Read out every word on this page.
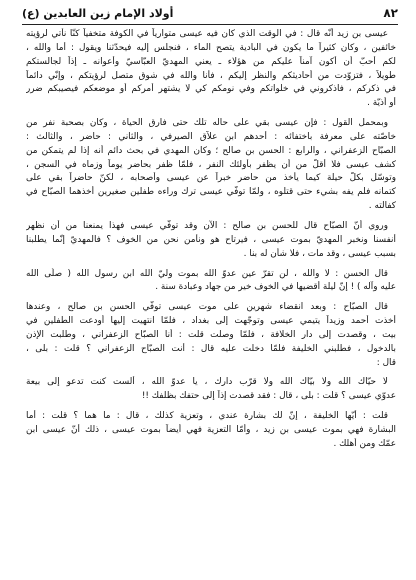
٨٢
أولاد الإمام زين العابدين (ع)
عيسى بن زيد أنّه قال : في الوقت الذي كان فيه عيسى متوارياً في الكوفة متخفياً كنّا نأتي لرؤيته
خائفين ، وكان كثيراً ما يكون في البادية يتصح الماء ، فنجلس إليه فيحدّثنا ويقول : أما والله ،
لكم أحبّ أن أكون آمناً عليكم من هؤلاء ـ يعني المهديّ العبّاسيّ وأعوانه ـ إذاً لجالستكم
طويلاً ، فتزوّدت من أحاديثكم والنظر إليكم ، فأنا والله في شوق متصل لرؤيتكم ، وإنّي دائماً
في ذكركم ، فاذكروني في خلواتكم وفي نومكم كي لا يشتهر أمركم أو موضعكم فيصيبكم ضرر
أو أذيّة .
وبمحمل القول : فإن عيسى بقي على حاله تلك حتى فارق الحياة ، وكان بصحبة نفر من
خاصّته على معرفة باختفائه : أحدهم ابن علاّق الصيرفي ، والثاني : حاضر ، والثالث :
الصبّاح الزعفراني ، والرابع : الحسن بن صالح ؛ وكان المهدي في بحث دائم أنه إذا لم يتمكن من
كشف عيسى فلا أقلّ من أن يظفر بأولئك النفر ، فلمّا ظفر بحاضر يوماً وزماه في السجن ،
وتوسّل بكلّ حيلة كيما يأخذ من حاضر خبراً عن عيسى وأصحابه ، لكنّ حاضراً بقي على
كتمانه فلم يفه بشيء حتى قتلوه ، ولمّا توفّي عيسى ترك وراءه طفلين صغيرين أخذهما الصبّاح في
كفالته .
وروي أنّ الصبّاح قال للحسن بن صالح : الآن وقد توفّي عيسى فهذا يمنعنا من أن نظهر
أنفسنا ونخبر المهديّ بموت عيسى ، فيرتاح هو ونأمن نحن من الخوف ؟ فالمهديّ إنّما يطلبنا
بسبب عيسى ، وقد مات ، فلا شأن له بنا .
قال الحسن : لا والله ، لن تقرّ عين عدوّ الله بموت وليّ الله ابن رسول الله ( صلّى الله
عليه وآله ) ! إنّ ليلة أقضيها في الخوف خير من جهاد وعبادة سنة .
قال الصبّاح : وبعد انقضاء شهرين على موت عيسى توفّي الحسن بن صالح ، وعندها
أخذت أحمد وزيداً يتيمي عيسى وتوجّهت إلى بغداد ، فلمّا انتهيت إليها أودعت الطفلين في
بيت ، وقصدت إلى دار الخلافة ، فلمّا وصلت قلت : أنا الصبّاح الزعفراني ، وطلبت الإذن
بالدخول ، فطلبني الخليفة فلمّا دخلت عليه قال : أنت الصبّاح الزعفراني ؟ قلت : بلى ،
قال :
لا حيّاك الله ولا بيّاك الله ولا قرّب دارك ، يا عدوّ الله ، ألست كنت تدعو إلى بيعة
عدوّي عيسى ؟ قلت : بلى ، قال : فقد قصدت إذاً إلى حتفك بظلفك !!
قلت : أيّها الخليفة ، إنّ لك بشارة عندي ، وتعزية كذلك ، قال : ما هما ؟ قلت : أما
البشارة فهي بموت عيسى بن زيد ، وأمّا التعزية فهي أيضاً بموت عيسى ، ذلك أنّ عيسى ابن
عمّك ومن أهلك .
